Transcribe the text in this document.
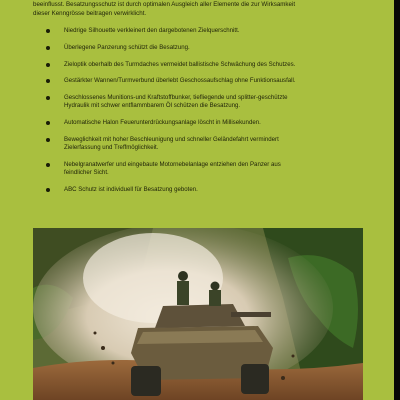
beeinflusst. Besatzungsschutz ist durch optimalen Ausgleich aller Elemente die zur Wirksamkeit
dieser Kenngrösse beitragen verwirklicht.
Niedrige Silhouette verkleinert den dargebotenen Zielquerschnitt.
Überlegene Panzerung schützt die Besatzung.
Zieloptik oberhalb des Turmdaches vermeidet ballistische Schwächung des Schutzes.
Gestärkter Wannen/Turmverbund überlebt Geschossaufschlag ohne Funktionsausfall.
Geschlossenes Munitions-und Kraftstoffbunker, tiefliegende und splitter-geschützte
Hydraulik mit schwer entflammbarem Öl schützen die Besatzung.
Automatische Halon Feuerunterdrückungsanlage löscht in Millisekunden.
Beweglichkeit mit hoher Beschleunigung und schneller Geländefahrt vermindert
Zielerfassung und Treffmöglichkeit.
Nebelgranatwerfer und eingebaute Motornebelanlage entziehen den Panzer aus
feindlicher Sicht.
ABC Schutz ist individuell für Besatzung geboten.
